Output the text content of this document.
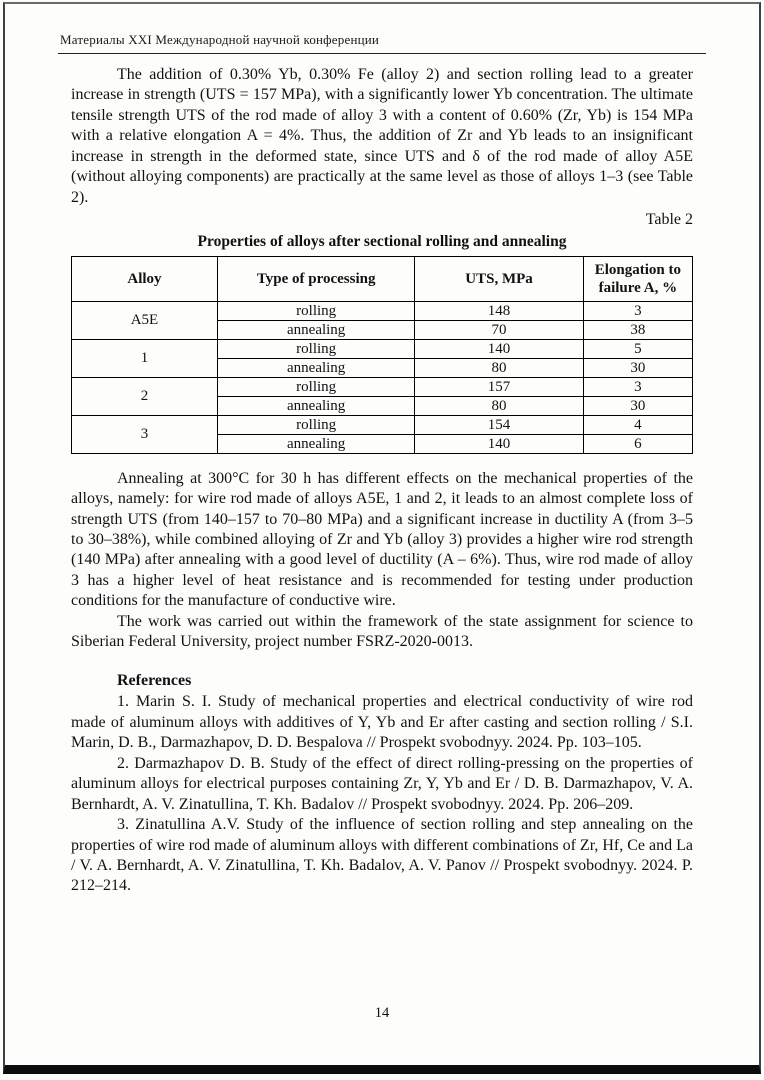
Материалы XXI Международной научной конференции

The addition of 0.30% Yb, 0.30% Fe (alloy 2) and section rolling lead to a greater increase in strength (UTS = 157 MPa), with a significantly lower Yb concentration. The ultimate tensile strength UTS of the rod made of alloy 3 with a content of 0.60% (Zr, Yb) is 154 MPa with a relative elongation A = 4%. Thus, the addition of Zr and Yb leads to an insignificant increase in strength in the deformed state, since UTS and δ of the rod made of alloy A5E (without alloying components) are practically at the same level as those of alloys 1–3 (see Table 2).

Table 2
Properties of alloys after sectional rolling and annealing
Alloy	Type of processing	UTS, MPa	Elongation to failure A, %
A5E	rolling	148	3
	annealing	70	38
1	rolling	140	5
	annealing	80	30
2	rolling	157	3
	annealing	80	30
3	rolling	154	4
	annealing	140	6

Annealing at 300°C for 30 h has different effects on the mechanical properties of the alloys, namely: for wire rod made of alloys A5E, 1 and 2, it leads to an almost complete loss of strength UTS (from 140–157 to 70–80 MPa) and a significant increase in ductility A (from 3–5 to 30–38%), while combined alloying of Zr and Yb (alloy 3) provides a higher wire rod strength (140 MPa) after annealing with a good level of ductility (A – 6%). Thus, wire rod made of alloy 3 has a higher level of heat resistance and is recommended for testing under production conditions for the manufacture of conductive wire.

The work was carried out within the framework of the state assignment for science to Siberian Federal University, project number FSRZ-2020-0013.

References

1. Marin S. I. Study of mechanical properties and electrical conductivity of wire rod made of aluminum alloys with additives of Y, Yb and Er after casting and section rolling / S.I. Marin, D. B., Darmazhapov, D. D. Bespalova // Prospekt svobodnyy. 2024. Pp. 103–105.

2. Darmazhapov D. B. Study of the effect of direct rolling-pressing on the properties of aluminum alloys for electrical purposes containing Zr, Y, Yb and Er / D. B. Darmazhapov, V. A. Bernhardt, A. V. Zinatullina, T. Kh. Badalov // Prospekt svobodnyy. 2024. Pp. 206–209.

3. Zinatullina A.V. Study of the influence of section rolling and step annealing on the properties of wire rod made of aluminum alloys with different combinations of Zr, Hf, Ce and La / V. A. Bernhardt, A. V. Zinatullina, T. Kh. Badalov, A. V. Panov // Prospekt svobodnyy. 2024. P. 212–214.

14
